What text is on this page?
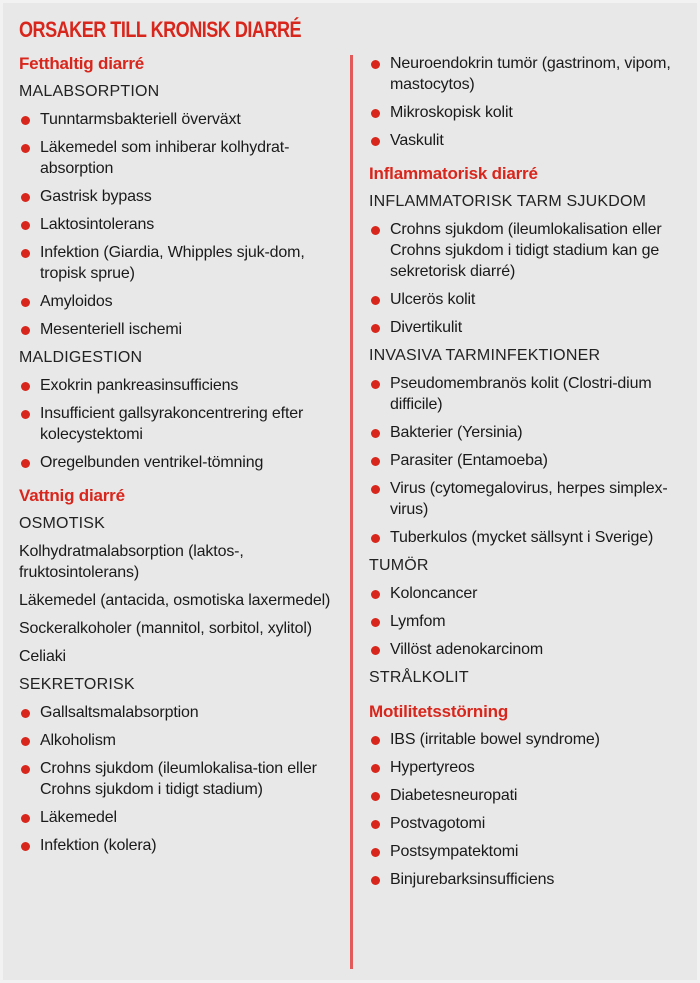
ORSAKER TILL KRONISK DIARRÉ
Fetthaltig diarré
MALABSORPTION
Tunntarmsbakteriell överväxt
Läkemedel som inhiberar kolhydrat-absorption
Gastrisk bypass
Laktosintolerans
Infektion (Giardia, Whipples sjuk-dom, tropisk sprue)
Amyloidos
Mesenteriell ischemi
MALDIGESTION
Exokrin pankreasinsufficiens
Insufficient gallsyrakoncentrering efter kolecystektomi
Oregelbunden ventrikel-tömning
Vattnig diarré
OSMOTISK
Kolhydratmalabsorption (laktos-, fruktosintolerans)
Läkemedel (antacida, osmotiska laxermedel)
Sockeralkoholer (mannitol, sorbitol, xylitol)
Celiaki
SEKRETORISK
Gallsaltsmalabsorption
Alkoholism
Crohns sjukdom (ileumlokalisa-tion eller Crohns sjukdom i tidigt stadium)
Läkemedel
Infektion (kolera)
Neuroendokrin tumör (gastrinom, vipom, mastocytos)
Mikroskopisk kolit
Vaskulit
Inflammatorisk diarré
INFLAMMATORISK TARM SJUKDOM
Crohns sjukdom (ileumlokalisation eller Crohns sjukdom i tidigt stadium kan ge sekretorisk diarré)
Ulcerös kolit
Divertikulit
INVASIVA TARMINFEKTIONER
Pseudomembranös kolit (Clostri-dium difficile)
Bakterier (Yersinia)
Parasiter (Entamoeba)
Virus (cytomegalovirus, herpes simplex-virus)
Tuberkulos (mycket sällsynt i Sverige)
TUMÖR
Koloncancer
Lymfom
Villöst adenokarcinom
STRÅLKOLIT
Motilitetsstörning
IBS (irritable bowel syndrome)
Hypertyreos
Diabetesneuropati
Postvagotomi
Postsympatektomi
Binjurebarksinsufficiens
